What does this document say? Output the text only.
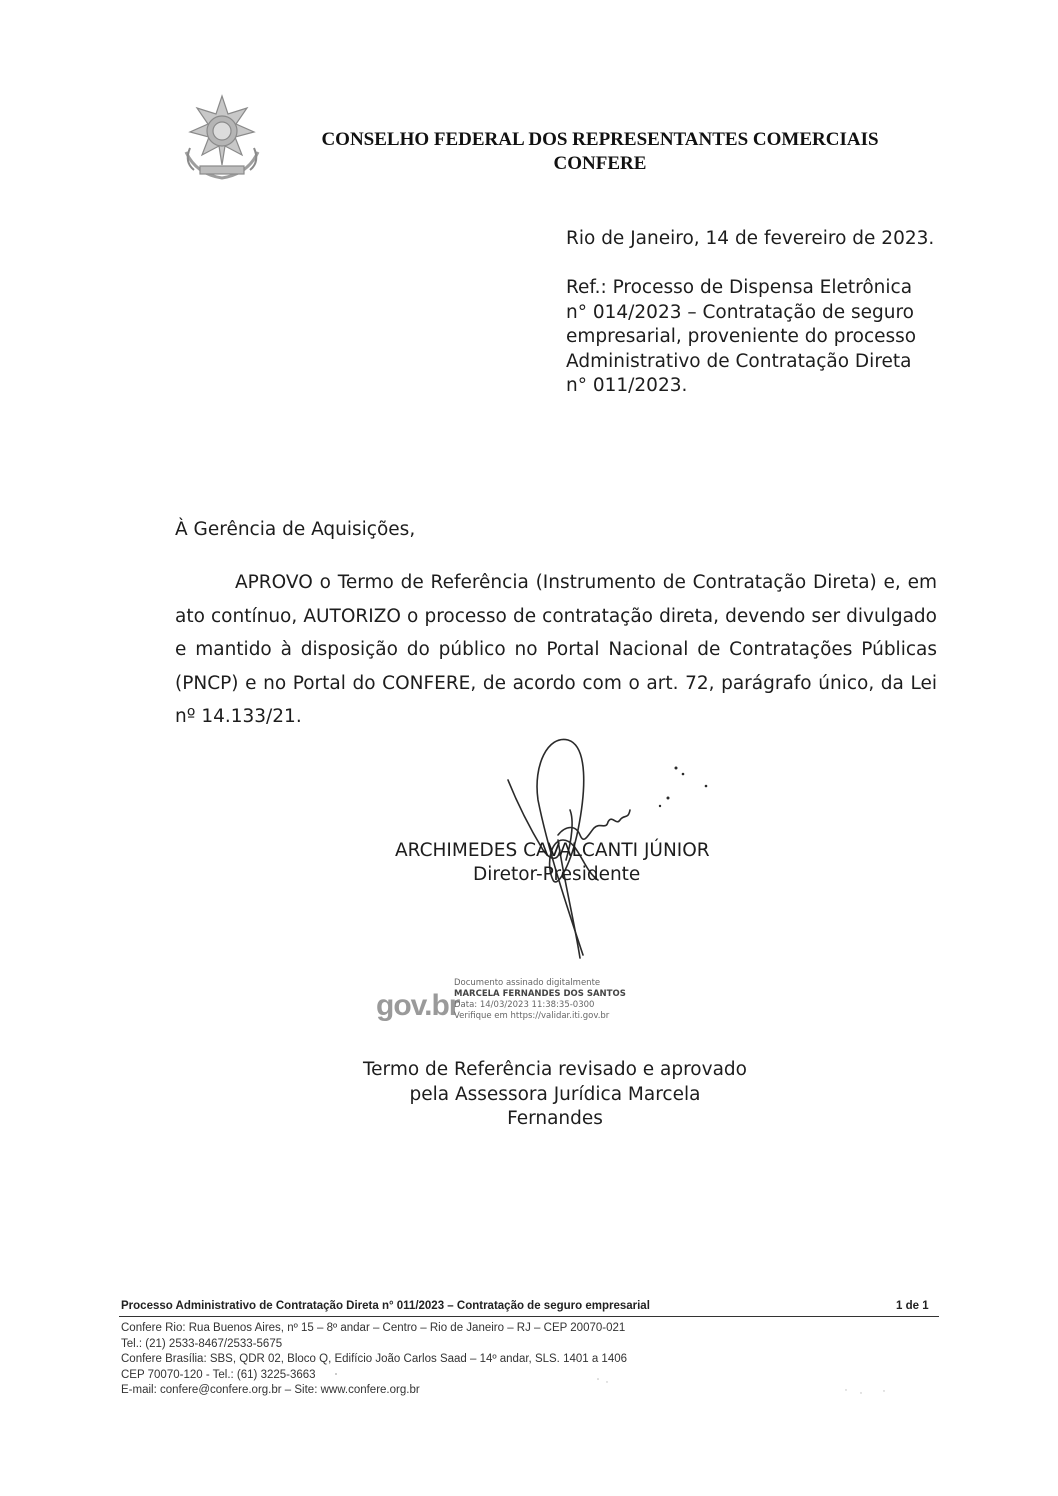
CONSELHO FEDERAL DOS REPRESENTANTES COMERCIAIS
CONFERE
Rio de Janeiro, 14 de fevereiro de 2023.
Ref.: Processo de Dispensa Eletrônica
n° 014/2023 – Contratação de seguro
empresarial, proveniente do processo
Administrativo de Contratação Direta
n° 011/2023.
À Gerência de Aquisições,
APROVO o Termo de Referência (Instrumento de Contratação Direta) e, em ato contínuo, AUTORIZO o processo de contratação direta, devendo ser divulgado e mantido à disposição do público no Portal Nacional de Contratações Públicas (PNCP) e no Portal do CONFERE, de acordo com o art. 72, parágrafo único, da Lei nº 14.133/21.
ARCHIMEDES CAVALCANTI JÚNIOR
Diretor-Presidente
gov.br
Documento assinado digitalmente
MARCELA FERNANDES DOS SANTOS
Data: 14/03/2023 11:38:35-0300
Verifique em https://validar.iti.gov.br
Termo de Referência revisado e aprovado
pela Assessora Jurídica Marcela Fernandes
Processo Administrativo de Contratação Direta n° 011/2023 – Contratação de seguro empresarial	1 de 1
Confere Rio: Rua Buenos Aires, nº 15 – 8º andar – Centro – Rio de Janeiro – RJ – CEP 20070-021
Tel.: (21) 2533-8467/2533-5675
Confere Brasília: SBS, QDR 02, Bloco Q, Edifício João Carlos Saad – 14º andar, SLS. 1401 a 1406
CEP 70070-120 - Tel.: (61) 3225-3663
E-mail: confere@confere.org.br – Site: www.confere.org.br
